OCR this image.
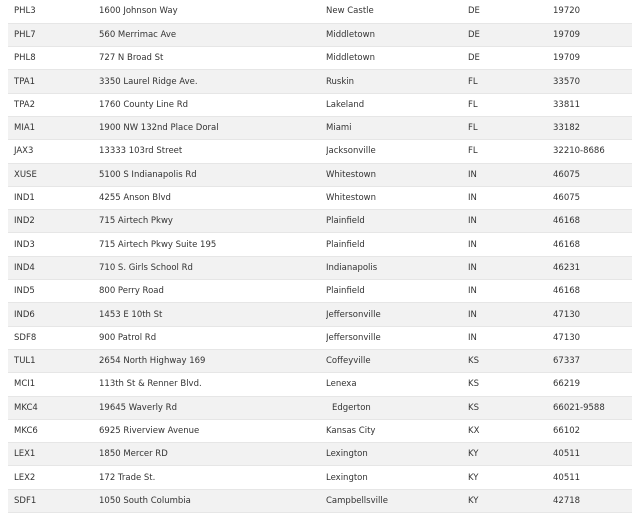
PHL3	1600 Johnson Way	New Castle	DE	19720
PHL7	560 Merrimac Ave	Middletown	DE	19709
PHL8	727 N Broad St	Middletown	DE	19709
TPA1	3350 Laurel Ridge Ave.	Ruskin	FL	33570
TPA2	1760 County Line Rd	Lakeland	FL	33811
MIA1	1900 NW 132nd Place Doral	Miami	FL	33182
JAX3	13333 103rd Street	Jacksonville	FL	32210-8686
XUSE	5100 S Indianapolis Rd	Whitestown	IN	46075
IND1	4255 Anson Blvd	Whitestown	IN	46075
IND2	715 Airtech Pkwy	Plainfield	IN	46168
IND3	715 Airtech Pkwy Suite 195	Plainfield	IN	46168
IND4	710 S. Girls School Rd	Indianapolis	IN	46231
IND5	800 Perry Road	Plainfield	IN	46168
IND6	1453 E 10th St	Jeffersonville	IN	47130
SDF8	900 Patrol Rd	Jeffersonville	IN	47130
TUL1	2654 North Highway 169	Coffeyville	KS	67337
MCI1	113th St & Renner Blvd.	Lenexa	KS	66219
MKC4	19645 Waverly Rd	Edgerton	KS	66021-9588
MKC6	6925 Riverview Avenue	Kansas City	KX	66102
LEX1	1850 Mercer RD	Lexington	KY	40511
LEX2	172 Trade St.	Lexington	KY	40511
SDF1	1050 South Columbia	Campbellsville	KY	42718
